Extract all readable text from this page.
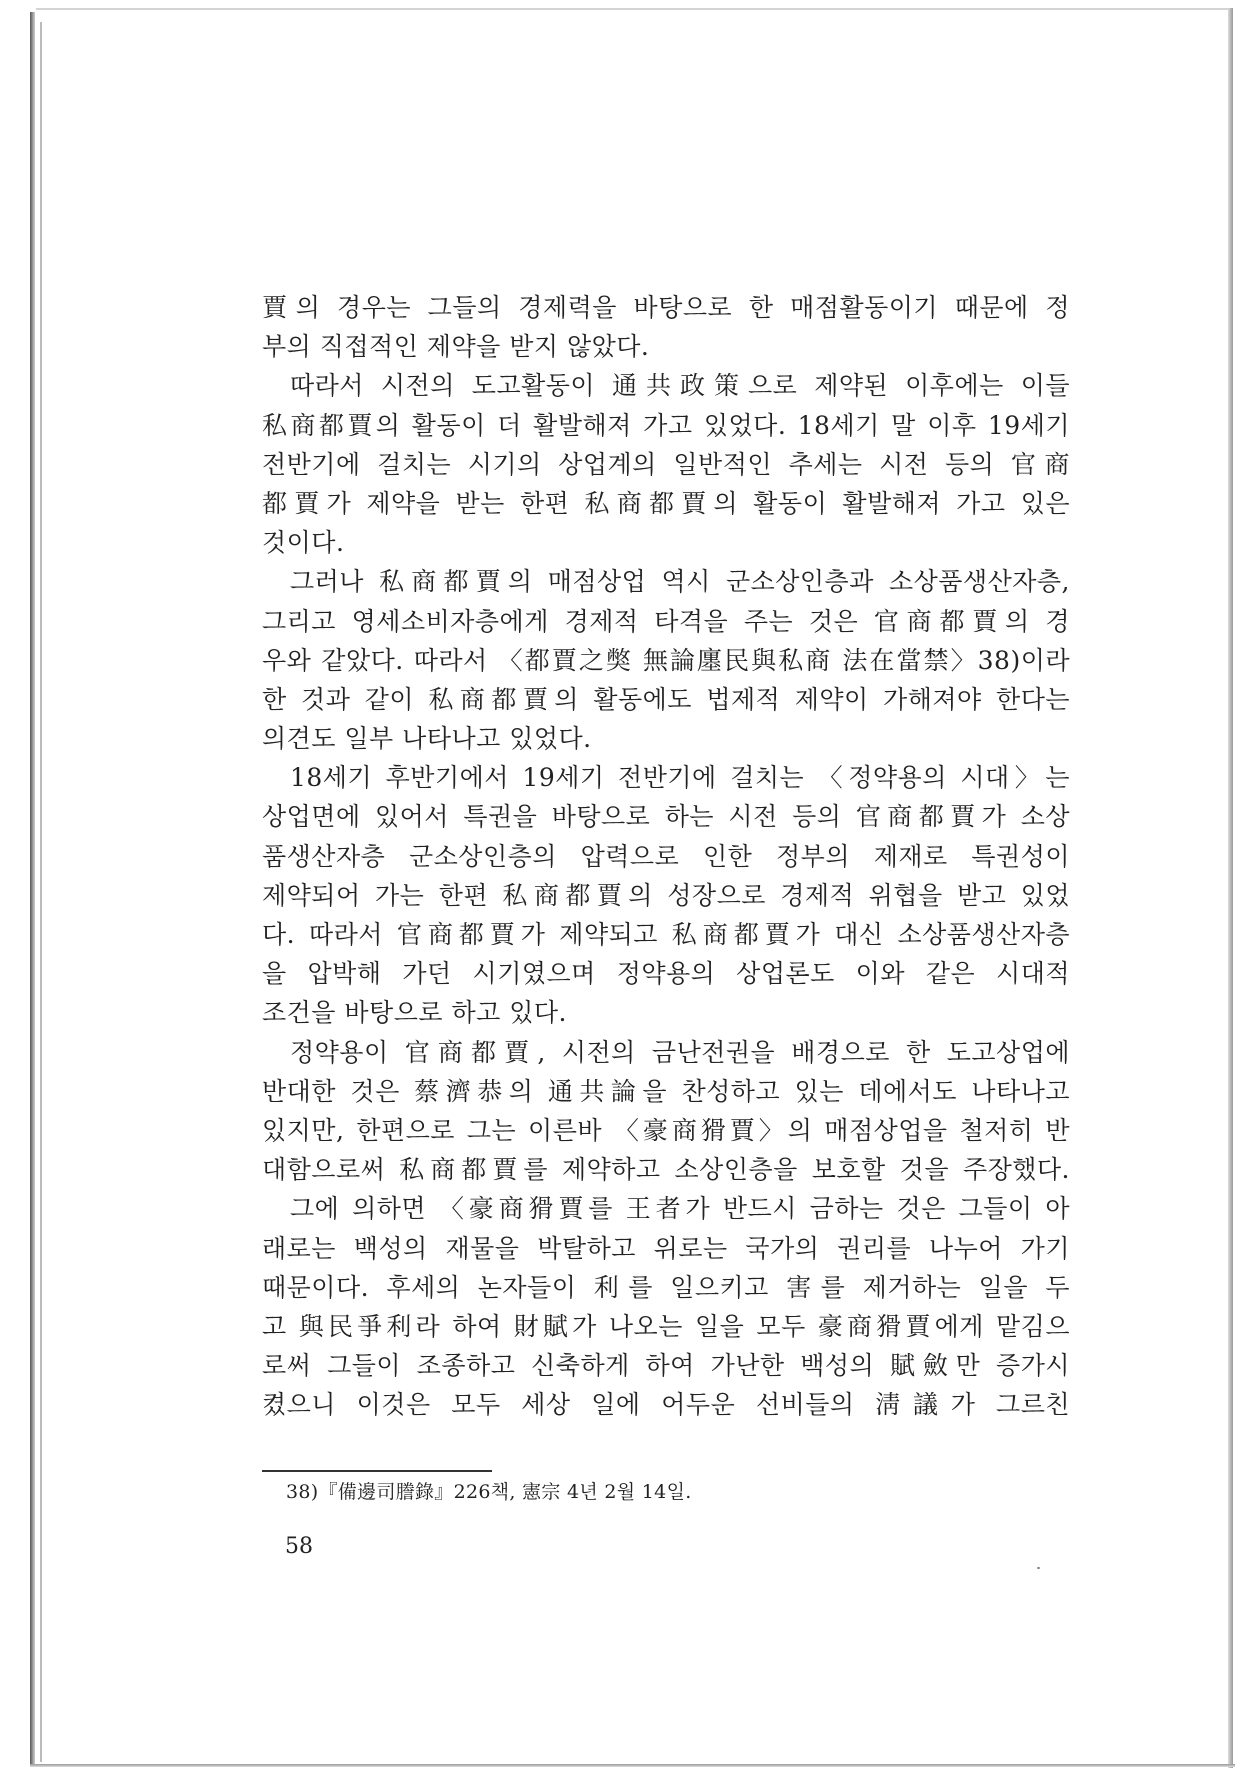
賈의 경우는 그들의 경제력을 바탕으로 한 매점활동이기 때문에 정
부의 직접적인 제약을 받지 않았다.
따라서 시전의 도고활동이 通共政策으로 제약된 이후에는 이들
私商都賈의 활동이 더 활발해져 가고 있었다. 18세기 말 이후 19세기
전반기에 걸치는 시기의 상업계의 일반적인 추세는 시전 등의 官商
都賈가 제약을 받는 한편 私商都賈의 활동이 활발해져 가고 있은
것이다.
그러나 私商都賈의 매점상업 역시 군소상인층과 소상품생산자층,
그리고 영세소비자층에게 경제적 타격을 주는 것은 官商都賈의 경
우와 같았다. 따라서 〈都賈之獘 無論廛民與私商 法在當禁〉38)이라
한 것과 같이 私商都賈의 활동에도 법제적 제약이 가해져야 한다는
의견도 일부 나타나고 있었다.
18세기 후반기에서 19세기 전반기에 걸치는 〈정약용의 시대〉는
상업면에 있어서 특권을 바탕으로 하는 시전 등의 官商都賈가 소상
품생산자층 군소상인층의 압력으로 인한 정부의 제재로 특권성이
제약되어 가는 한편 私商都賈의 성장으로 경제적 위협을 받고 있었
다. 따라서 官商都賈가 제약되고 私商都賈가 대신 소상품생산자층
을 압박해 가던 시기였으며 정약용의 상업론도 이와 같은 시대적
조건을 바탕으로 하고 있다.
정약용이 官商都賈, 시전의 금난전권을 배경으로 한 도고상업에
반대한 것은 蔡濟恭의 通共論을 찬성하고 있는 데에서도 나타나고
있지만, 한편으로 그는 이른바 〈豪商猾賈〉의 매점상업을 철저히 반
대함으로써 私商都賈를 제약하고 소상인층을 보호할 것을 주장했다.
그에 의하면 〈豪商猾賈를 王者가 반드시 금하는 것은 그들이 아
래로는 백성의 재물을 박탈하고 위로는 국가의 권리를 나누어 가기
때문이다. 후세의 논자들이 利를 일으키고 害를 제거하는 일을 두
고 與民爭利라 하여 財賦가 나오는 일을 모두 豪商猾賈에게 맡김으
로써 그들이 조종하고 신축하게 하여 가난한 백성의 賦斂만 증가시
켰으니 이것은 모두 세상 일에 어두운 선비들의 淸議가 그르친
38)『備邊司謄錄』226책, 憲宗 4년 2월 14일.
58
